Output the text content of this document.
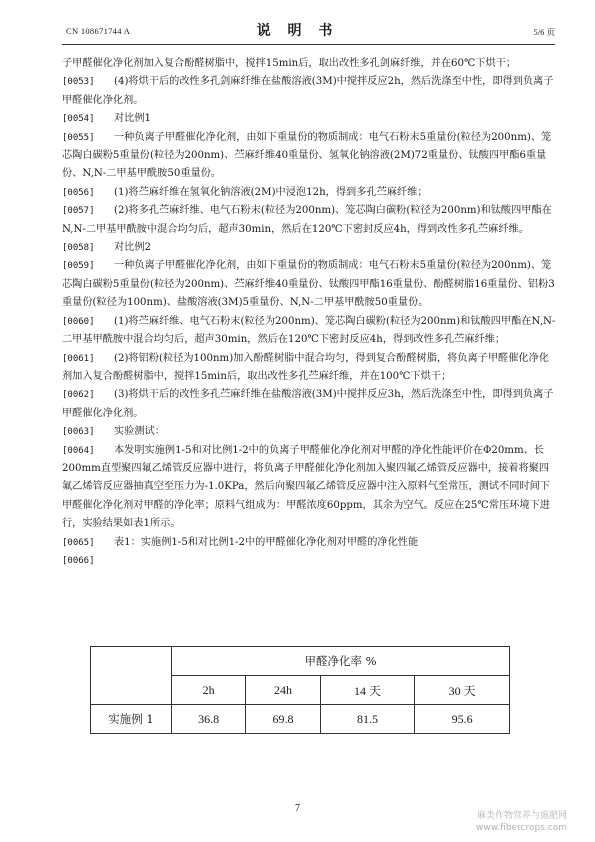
CN 108671744 A	说 明 书	5/6 页

子甲醛催化净化剂加入复合酚醛树脂中，搅拌15min后，取出改性多孔剑麻纤维，并在60℃下烘干；

[0053] (4)将烘干后的改性多孔剑麻纤维在盐酸溶液(3M)中搅拌反应2h，然后洗涤至中性，即得到负离子甲醛催化净化剂。

[0054] 对比例1

[0055] 一种负离子甲醛催化净化剂，由如下重量份的物质制成：电气石粉末5重量份(粒径为200nm)、笼芯陶白碳粉5重量份(粒径为200nm)、苎麻纤维40重量份、氢氧化钠溶液(2M)72重量份、钛酸四甲酯6重量份、N,N-二甲基甲酰胺50重量份。

[0056] (1)将苎麻纤维在氢氧化钠溶液(2M)中浸泡12h，得到多孔苎麻纤维；

[0057] (2)将多孔苎麻纤维、电气石粉末(粒径为200nm)、笼芯陶白碳粉(粒径为200nm)和钛酸四甲酯在N,N-二甲基甲酰胺中混合均匀后，超声30min，然后在120℃下密封反应4h，得到改性多孔苎麻纤维。

[0058] 对比例2

[0059] 一种负离子甲醛催化净化剂，由如下重量份的物质制成：电气石粉末5重量份(粒径为200nm)、笼芯陶白碳粉5重量份(粒径为200nm)、苎麻纤维40重量份、钛酸四甲酯16重量份、酚醛树脂16重量份、铝粉3重量份(粒径为100nm)、盐酸溶液(3M)5重量份、N,N-二甲基甲酰胺50重量份。

[0060] (1)将苎麻纤维、电气石粉末(粒径为200nm)、笼芯陶白碳粉(粒径为200nm)和钛酸四甲酯在N,N-二甲基甲酰胺中混合均匀后，超声30min，然后在120℃下密封反应4h，得到改性多孔苎麻纤维；

[0061] (2)将铝粉(粒径为100nm)加入酚醛树脂中混合均匀，得到复合酚醛树脂，将负离子甲醛催化净化剂加入复合酚醛树脂中，搅拌15min后，取出改性多孔苎麻纤维，并在100℃下烘干；

[0062] (3)将烘干后的改性多孔苎麻纤维在盐酸溶液(3M)中搅拌反应3h，然后洗涤至中性，即得到负离子甲醛催化净化剂。

[0063] 实验测试：

[0064] 本发明实施例1-5和对比例1-2中的负离子甲醛催化净化剂对甲醛的净化性能评价在Φ20mm、长200mm直型聚四氟乙烯管反应器中进行，将负离子甲醛催化净化剂加入聚四氟乙烯管反应器中，接着将聚四氟乙烯管反应器抽真空至压力为-1.0KPa，然后向聚四氟乙烯管反应器中注入原料气至常压，测试不同时间下甲醛催化净化剂对甲醛的净化率；原料气组成为：甲醛浓度60ppm，其余为空气。反应在25℃常压环境下进行，实验结果如表1所示。

[0065] 表1：实施例1-5和对比例1-2中的甲醛催化净化剂对甲醛的净化性能

[0066]

	甲醛净化率 %			
	2h	24h	14 天	30 天
实施例 1	36.8	69.8	81.5	95.6
7
麻类作物营养与施肥网
www.fibercrops.com
